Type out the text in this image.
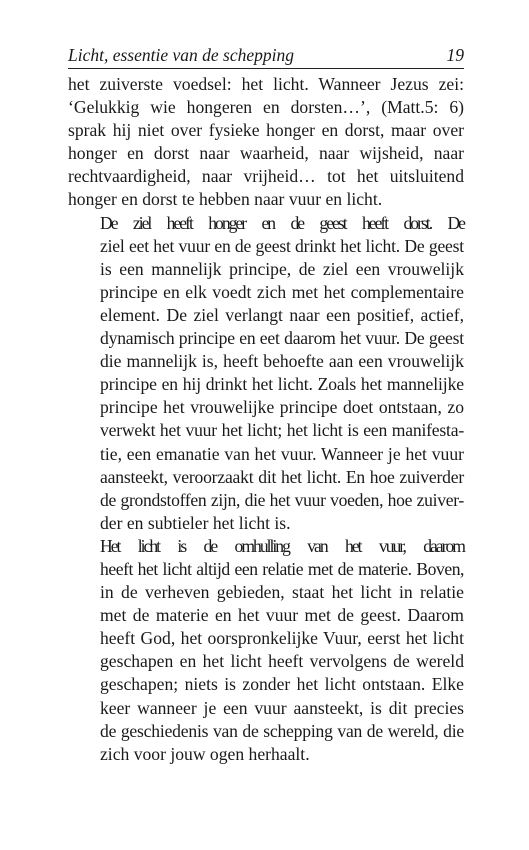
Licht, essentie van de schepping	19

het zuiverste voedsel: het licht. Wanneer Jezus zei:
‘Gelukkig wie hongeren en dorsten…’, (Matt.5: 6)
sprak hij niet over fysieke honger en dorst, maar over
honger en dorst naar waarheid, naar wijsheid, naar
rechtvaardigheid, naar vrijheid… tot het uitsluitend
honger en dorst te hebben naar vuur en licht.

De ziel heeft honger en de geest heeft dorst. De
ziel eet het vuur en de geest drinkt het licht. De geest
is een mannelijk principe, de ziel een vrouwelijk
principe en elk voedt zich met het complementaire
element. De ziel verlangt naar een positief, actief,
dynamisch principe en eet daarom het vuur. De geest
die mannelijk is, heeft behoefte aan een vrouwelijk
principe en hij drinkt het licht. Zoals het mannelijke
principe het vrouwelijke principe doet ontstaan, zo
verwekt het vuur het licht; het licht is een manifesta-
tie, een emanatie van het vuur. Wanneer je het vuur
aansteekt, veroorzaakt dit het licht. En hoe zuiverder
de grondstoffen zijn, die het vuur voeden, hoe zuiver-
der en subtieler het licht is.

Het licht is de omhulling van het vuur, daarom
heeft het licht altijd een relatie met de materie. Boven,
in de verheven gebieden, staat het licht in relatie
met de materie en het vuur met de geest. Daarom
heeft God, het oorspronkelijke Vuur, eerst het licht
geschapen en het licht heeft vervolgens de wereld
geschapen; niets is zonder het licht ontstaan. Elke
keer wanneer je een vuur aansteekt, is dit precies
de geschiedenis van de schepping van de wereld, die
zich voor jouw ogen herhaalt.
